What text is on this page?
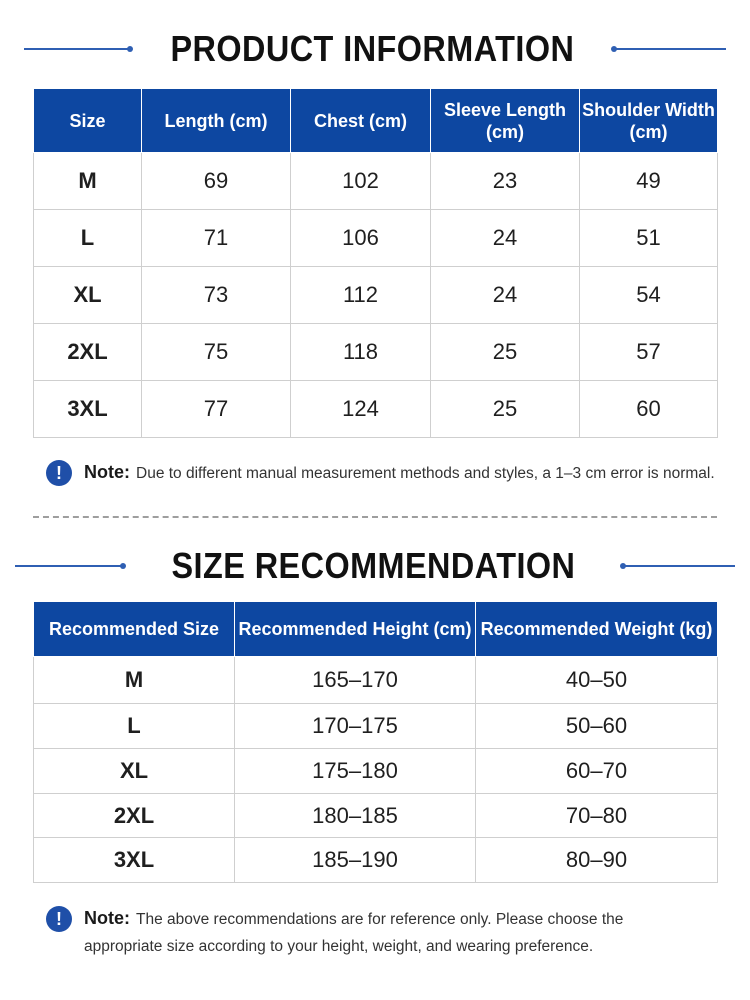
PRODUCT INFORMATION
Size	Length (cm)	Chest (cm)	Sleeve Length (cm)	Shoulder Width (cm)
M	69	102	23	49
L	71	106	24	51
XL	73	112	24	54
2XL	75	118	25	57
3XL	77	124	25	60
!	Note: Due to different manual measurement methods and styles, a 1–3 cm error is normal.
SIZE RECOMMENDATION
Recommended Size	Recommended Height (cm)	Recommended Weight (kg)
M	165–170	40–50
L	170–175	50–60
XL	175–180	60–70
2XL	180–185	70–80
3XL	185–190	80–90
!	Note: The above recommendations are for reference only. Please choose the appropriate size according to your height, weight, and wearing preference.
